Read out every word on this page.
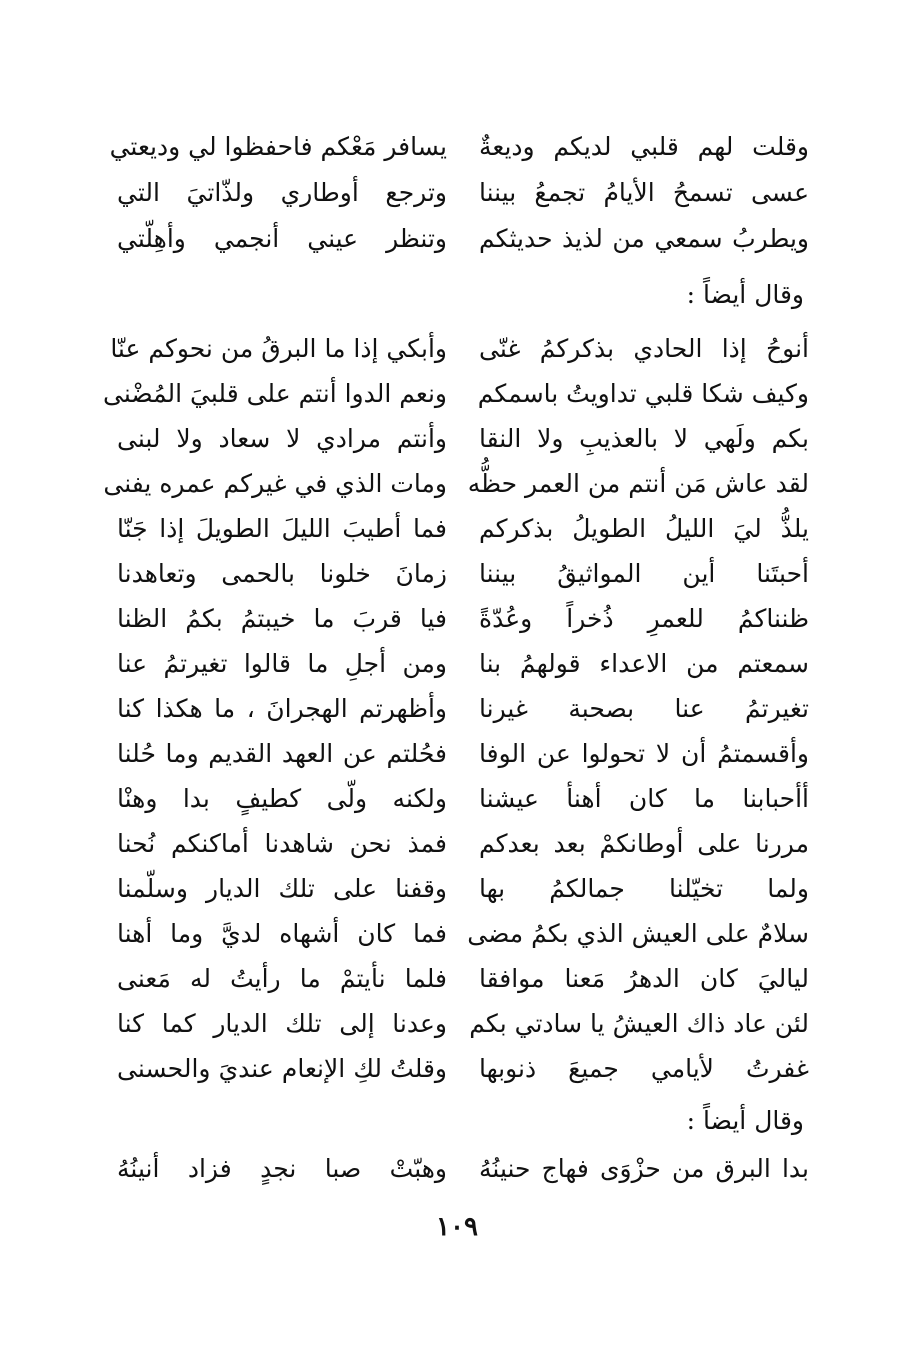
وقلت لهم قلبي لديكم وديعةٌ
يسافر مَعْكم فاحفظوا لي وديعتي
عسى تسمحُ الأيامُ تجمعُ بيننا
وترجع أوطاري ولذّاتيَ التي
ويطربُ سمعي من لذيذ حديثكم
وتنظر عيني أنجمي وأهِلّتي
وقال أيضاً :
أنوحُ إذا الحادي بذكركمُ غنّى
وأبكي إذا ما البرقُ من نحوكم عنّا
وكيف شكا قلبي تداويتُ باسمكم
ونعم الدوا أنتم على قلبيَ المُضْنى
بكم ولَهي لا بالعذيبِ ولا النقا
وأنتم مرادي لا سعاد ولا لبنى
لقد عاش مَن أنتم من العمر حظُّه
ومات الذي في غيركم عمره يفنى
يلذُّ ليَ الليلُ الطويلُ بذكركم
فما أطيبَ الليلَ الطويلَ إذا جَنّا
أحبتَنا أين المواثيقُ بيننا
زمانَ خلونا بالحمى وتعاهدنا
ظنناكمُ للعمرِ ذُخراً وعُدّةً
فيا قربَ ما خيبتمُ بكمُ الظنا
سمعتم من الاعداء قولهمُ بنا
ومن أجلِ ما قالوا تغيرتمُ عنا
تغيرتمُ عنا بصحبة غيرنا
وأظهرتم الهجرانَ ، ما هكذا كنا
وأقسمتمُ أن لا تحولوا عن الوفا
فحُلتم عن العهد القديم وما حُلنا
أأحبابنا ما كان أهنأ عيشنا
ولكنه ولّى كطيفٍ بدا وهنْا
مررنا على أوطانكمْ بعد بعدكم
فمذ نحن شاهدنا أماكنكم نُحنا
ولما تخيّلنا جمالكمُ بها
وقفنا على تلك الديار وسلّمنا
سلامٌ على العيش الذي بكمُ مضى
فما كان أشهاه لديَّ وما أهنا
لياليَ كان الدهرُ مَعنا موافقا
فلما نأيتمْ ما رأيتُ له مَعنى
لئن عاد ذاك العيشُ يا سادتي بكم
وعدنا إلى تلك الديار كما كنا
غفرتُ لأيامي جميعَ ذنوبها
وقلتُ لكِ الإنعام عنديَ والحسنى
وقال أيضاً :
بدا البرق من حزْوَى فهاج حنينُهُ
وهبّتْ صبا نجدٍ فزاد أنينُهُ
١٠٩
